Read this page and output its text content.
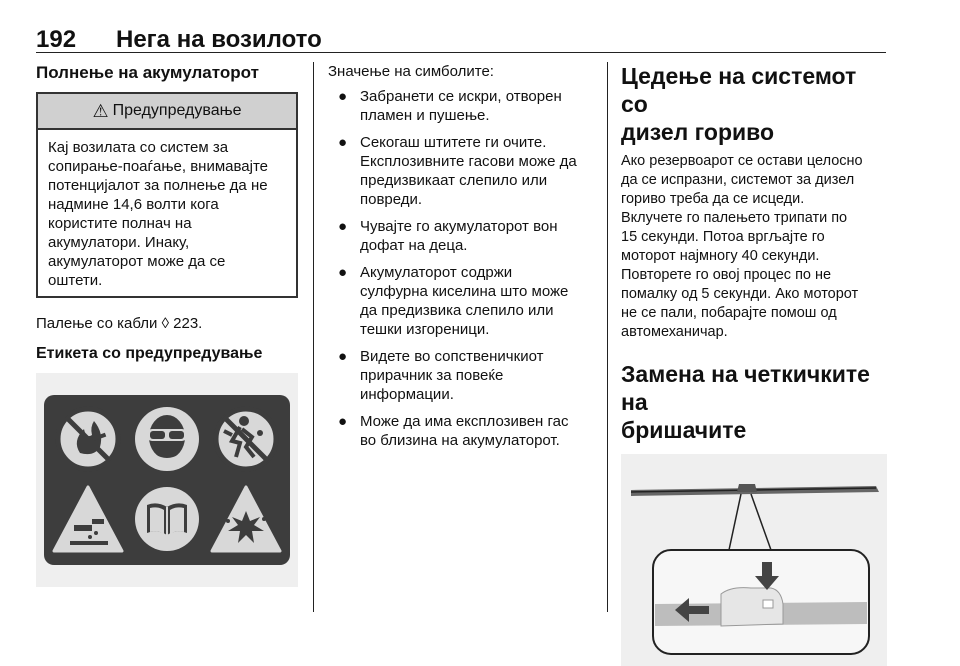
192 Нега на возилото
Полнење на акумулаторот
⚠ Предупредување
Кај возилата со систем за
сопирање-поаѓање, внимавајте
потенцијалот за полнење да не
надмине 14,6 волти кога
користите полнач на
акумулатори. Инаку,
акумулаторот може да се
оштети.

Палење со кабли ◊ 223.

Етикета со предупредување

Значење на симболите:

● Забранети се искри, отворен
пламен и пушење.
● Секогаш штитете ги очите.
Експлозивните гасови може да
предизвикаат слепило или
повреди.
● Чувајте го акумулаторот вон
дофат на деца.
● Акумулаторот содржи
сулфурна киселина што може
да предизвика слепило или
тешки изгореници.
● Видете во сопственичкиот
прирачник за повеќе
информации.
● Може да има експлозивен гас
во близина на акумулаторот.
Цедење на системот со
дизел гориво
Ако резервоарот се остави целосно
да се испразни, системот за дизел
гориво треба да се исцеди.
Вклучете го палењето трипати по
15 секунди. Потоа вргљајте го
моторот најмногу 40 секунди.
Повторете го овој процес по не
помалку од 5 секунди. Ако моторот
не се пали, побарајте помош од
автомеханичар.
Замена на четкичките на
бришачите
